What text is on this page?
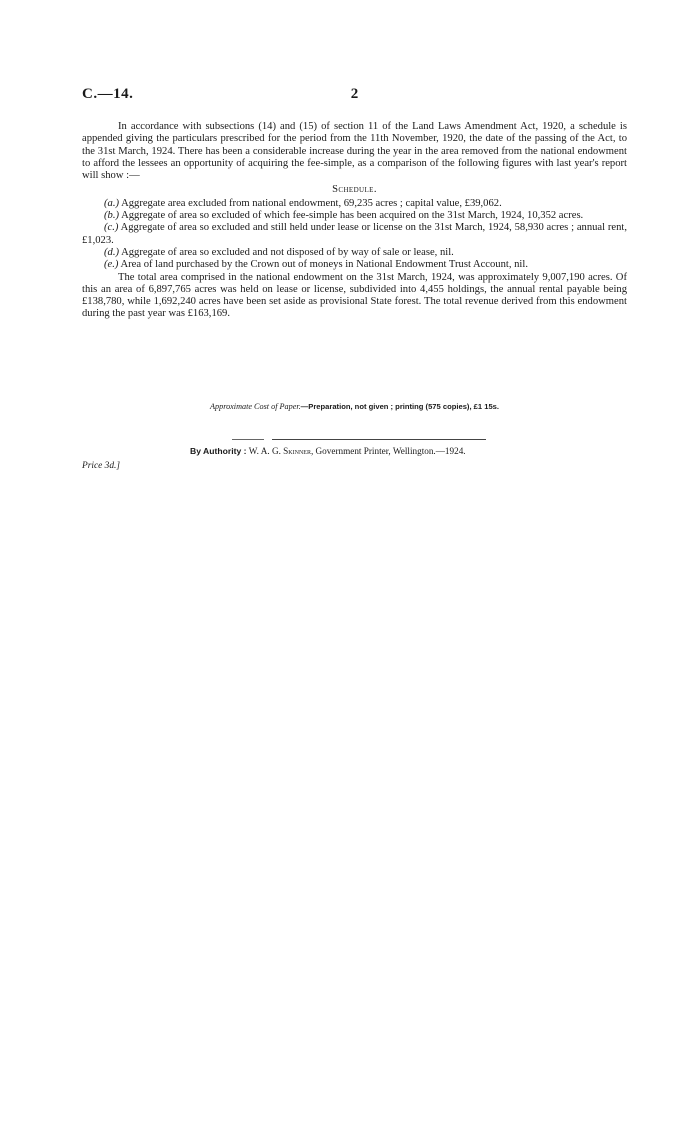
C.—14.	2

In accordance with subsections (14) and (15) of section 11 of the Land Laws Amendment Act, 1920, a schedule is appended giving the particulars prescribed for the period from the 11th November, 1920, the date of the passing of the Act, to the 31st March, 1924. There has been a considerable increase during the year in the area removed from the national endowment to afford the lessees an opportunity of acquiring the fee-simple, as a comparison of the following figures with last year's report will show :—

Schedule.

(a.) Aggregate area excluded from national endowment, 69,235 acres ; capital value, £39,062.

(b.) Aggregate of area so excluded of which fee-simple has been acquired on the 31st March, 1924, 10,352 acres.

(c.) Aggregate of area so excluded and still held under lease or license on the 31st March, 1924, 58,930 acres ; annual rent, £1,023.

(d.) Aggregate of area so excluded and not disposed of by way of sale or lease, nil.

(e.) Area of land purchased by the Crown out of moneys in National Endowment Trust Account, nil.

The total area comprised in the national endowment on the 31st March, 1924, was approximately 9,007,190 acres. Of this an area of 6,897,765 acres was held on lease or license, subdivided into 4,455 holdings, the annual rental payable being £138,780, while 1,692,240 acres have been set aside as provisional State forest. The total revenue derived from this endowment during the past year was £163,169.

Approximate Cost of Paper.—Preparation, not given ; printing (575 copies), £1 15s.
By Authority : W. A. G. Skinner, Government Printer, Wellington.—1924.
Price 3d.]
